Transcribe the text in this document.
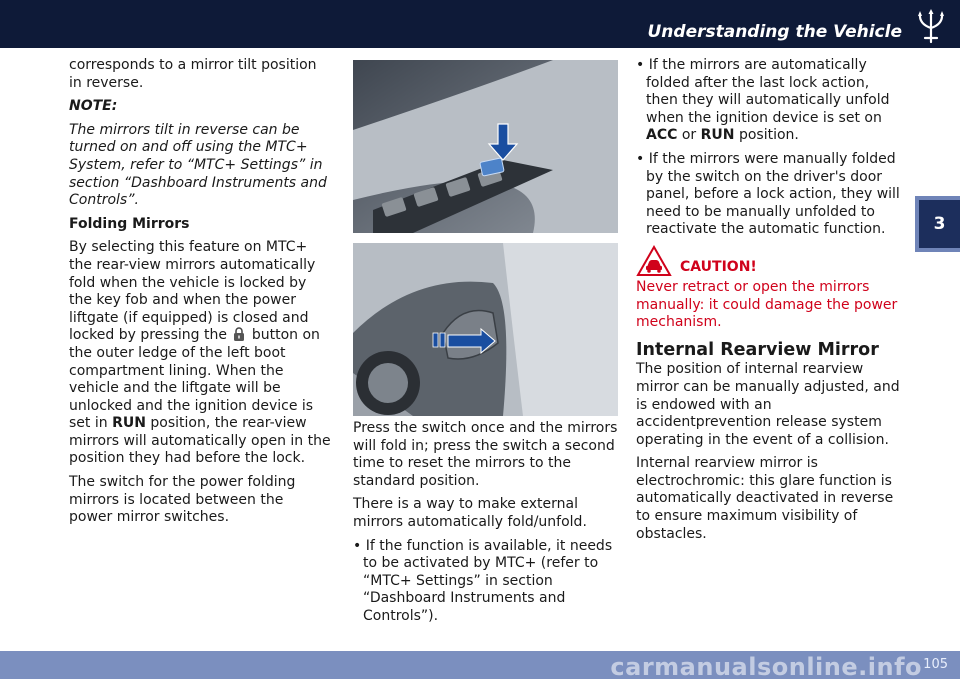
Understanding the Vehicle
3

corresponds to a mirror tilt position in reverse.

NOTE:

The mirrors tilt in reverse can be turned on and off using the MTC+ System, refer to “MTC+ Settings” in section “Dashboard Instruments and Controls”.

Folding Mirrors

By selecting this feature on MTC+ the rear-view mirrors automatically fold when the vehicle is locked by the key fob and when the power liftgate (if equipped) is closed and locked by pressing the button on the outer ledge of the left boot compartment lining. When the vehicle and the liftgate will be unlocked and the ignition device is set in RUN position, the rear-view mirrors will automatically open in the position they had before the lock.

The switch for the power folding mirrors is located between the power mirror switches.

Press the switch once and the mirrors will fold in; press the switch a second time to reset the mirrors to the standard position.

There is a way to make external mirrors automatically fold/unfold.

• If the function is available, it needs to be activated by MTC+ (refer to “MTC+ Settings” in section “Dashboard Instruments and Controls”).

• If the mirrors are automatically folded after the last lock action, then they will automatically unfold when the ignition device is set on ACC or RUN position.

• If the mirrors were manually folded by the switch on the driver's door panel, before a lock action, they will need to be manually unfolded to reactivate the automatic function.

CAUTION!

Never retract or open the mirrors manually: it could damage the power mechanism.

Internal Rearview Mirror

The position of internal rearview mirror can be manually adjusted, and is endowed with an accidentprevention release system operating in the event of a collision.

Internal rearview mirror is electrochromic: this glare function is automatically deactivated in reverse to ensure maximum visibility of obstacles.

carmanualsonline.info 105
